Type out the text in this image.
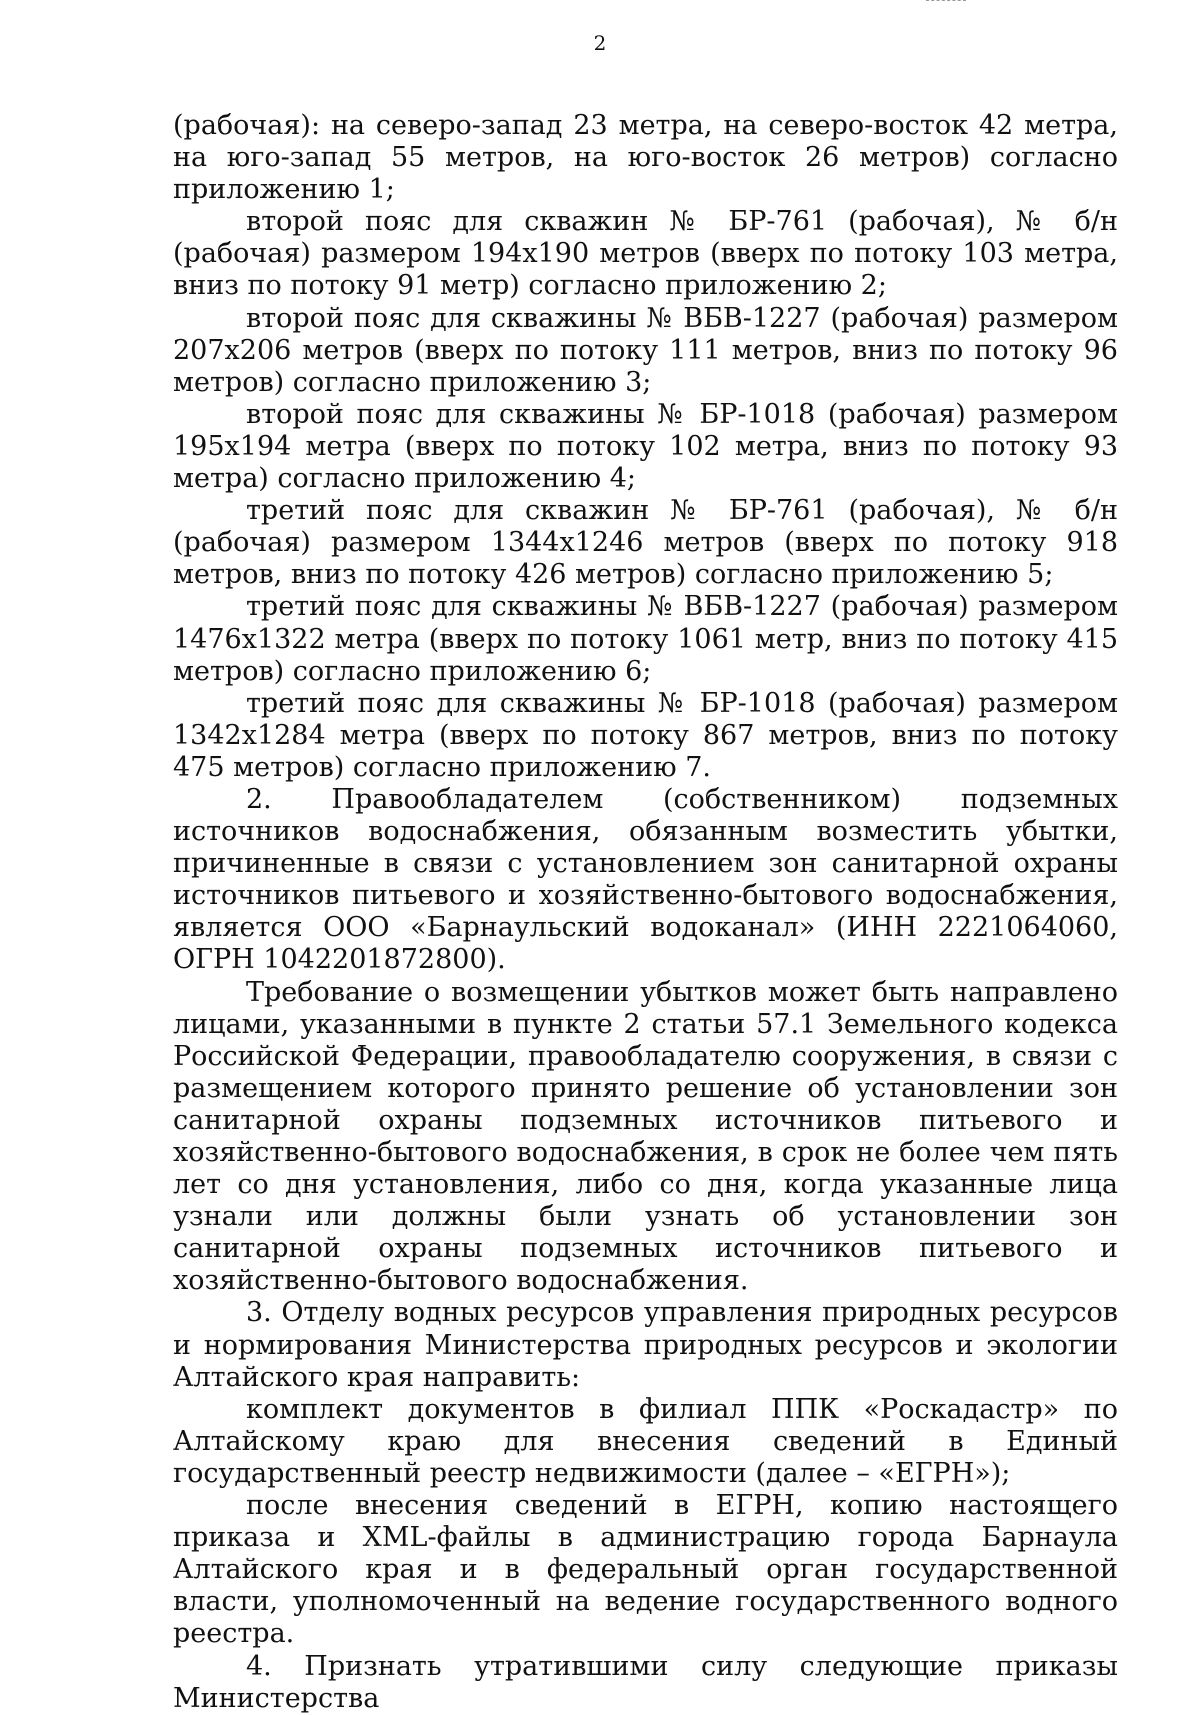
2

(рабочая): на северо-запад 23 метра, на северо-восток 42 метра, на юго-запад 55 метров, на юго-восток 26 метров) согласно приложению 1;

второй пояс для скважин № БР-761 (рабочая), № б/н (рабочая) размером 194х190 метров (вверх по потоку 103 метра, вниз по потоку 91 метр) согласно приложению 2;

второй пояс для скважины № ВБВ-1227 (рабочая) размером 207х206 метров (вверх по потоку 111 метров, вниз по потоку 96 метров) согласно приложению 3;

второй пояс для скважины № БР-1018 (рабочая) размером 195х194 метра (вверх по потоку 102 метра, вниз по потоку 93 метра) согласно приложению 4;

третий пояс для скважин № БР-761 (рабочая), № б/н (рабочая) размером 1344х1246 метров (вверх по потоку 918 метров, вниз по потоку 426 метров) согласно приложению 5;

третий пояс для скважины № ВБВ-1227 (рабочая) размером 1476х1322 метра (вверх по потоку 1061 метр, вниз по потоку 415 метров) согласно приложению 6;

третий пояс для скважины № БР-1018 (рабочая) размером 1342х1284 метра (вверх по потоку 867 метров, вниз по потоку 475 метров) согласно приложению 7.

2. Правообладателем (собственником) подземных источников водоснабжения, обязанным возместить убытки, причиненные в связи с установлением зон санитарной охраны источников питьевого и хозяйственно-бытового водоснабжения, является ООО «Барнаульский водоканал» (ИНН 2221064060, ОГРН 1042201872800).

Требование о возмещении убытков может быть направлено лицами, указанными в пункте 2 статьи 57.1 Земельного кодекса Российской Федерации, правообладателю сооружения, в связи с размещением которого принято решение об установлении зон санитарной охраны подземных источников питьевого и хозяйственно-бытового водоснабжения, в срок не более чем пять лет со дня установления, либо со дня, когда указанные лица узнали или должны были узнать об установлении зон санитарной охраны подземных источников питьевого и хозяйственно-бытового водоснабжения.

3. Отделу водных ресурсов управления природных ресурсов и нормирования Министерства природных ресурсов и экологии Алтайского края направить:

комплект документов в филиал ППК «Роскадастр» по Алтайскому краю для внесения сведений в Единый государственный реестр недвижимости (далее – «ЕГРН»);

после внесения сведений в ЕГРН, копию настоящего приказа и XML-файлы в администрацию города Барнаула Алтайского края и в федеральный орган государственной власти, уполномоченный на ведение государственного водного реестра.

4. Признать утратившими силу следующие приказы Министерства
